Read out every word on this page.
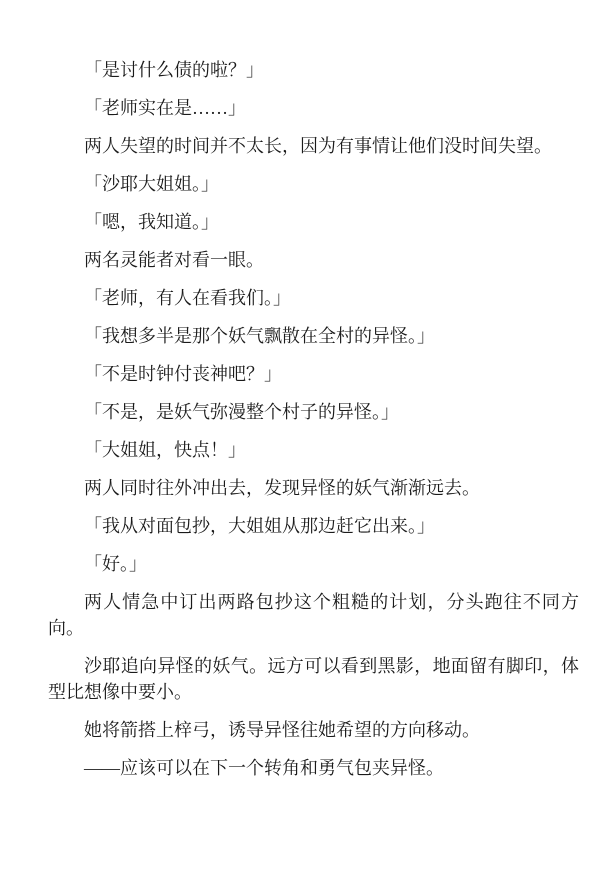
「是讨什么债的啦？」

「老师实在是……」

两人失望的时间并不太长，因为有事情让他们没时间失望。

「沙耶大姐姐。」

「嗯，我知道。」

两名灵能者对看一眼。

「老师，有人在看我们。」

「我想多半是那个妖气飘散在全村的异怪。」

「不是时钟付丧神吧？」

「不是，是妖气弥漫整个村子的异怪。」

「大姐姐，快点！」

两人同时往外冲出去，发现异怪的妖气渐渐远去。

「我从对面包抄，大姐姐从那边赶它出来。」

「好。」

两人情急中订出两路包抄这个粗糙的计划，分头跑往不同方向。

沙耶追向异怪的妖气。远方可以看到黑影，地面留有脚印，体型比想像中要小。

她将箭搭上梓弓，诱导异怪往她希望的方向移动。

——应该可以在下一个转角和勇气包夹异怪。
